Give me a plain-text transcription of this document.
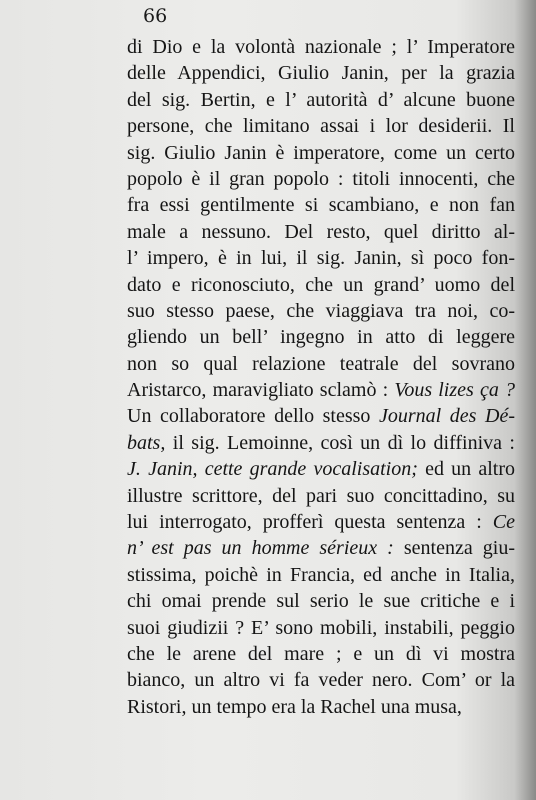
66
di Dio e la volontà nazionale ; l’ Imperatore
delle Appendici, Giulio Janin, per la grazia
del sig. Bertin, e l’ autorità d’ alcune buone
persone, che limitano assai i lor desiderii. Il
sig. Giulio Janin è imperatore, come un certo
popolo è il gran popolo : titoli innocenti, che
fra essi gentilmente si scambiano, e non fan
male a nessuno. Del resto, quel diritto al-
l’ impero, è in lui, il sig. Janin, sì poco fon-
dato e riconosciuto, che un grand’ uomo del
suo stesso paese, che viaggiava tra noi, co-
gliendo un bell’ ingegno in atto di leggere
non so qual relazione teatrale del sovrano
Aristarco, maravigliato sclamò : Vous lizes ça ?
Un collaboratore dello stesso Journal des Dé-
bats, il sig. Lemoinne, così un dì lo diffiniva :
J. Janin, cette grande vocalisation; ed un altro
illustre scrittore, del pari suo concittadino, su
lui interrogato, profferì questa sentenza : Ce
n’ est pas un homme sérieux : sentenza giu-
stissima, poichè in Francia, ed anche in Italia,
chi omai prende sul serio le sue critiche e i
suoi giudizii ? E’ sono mobili, instabili, peggio
che le arene del mare ; e un dì vi mostra
bianco, un altro vi fa veder nero. Com’ or la
Ristori, un tempo era la Rachel una musa,
